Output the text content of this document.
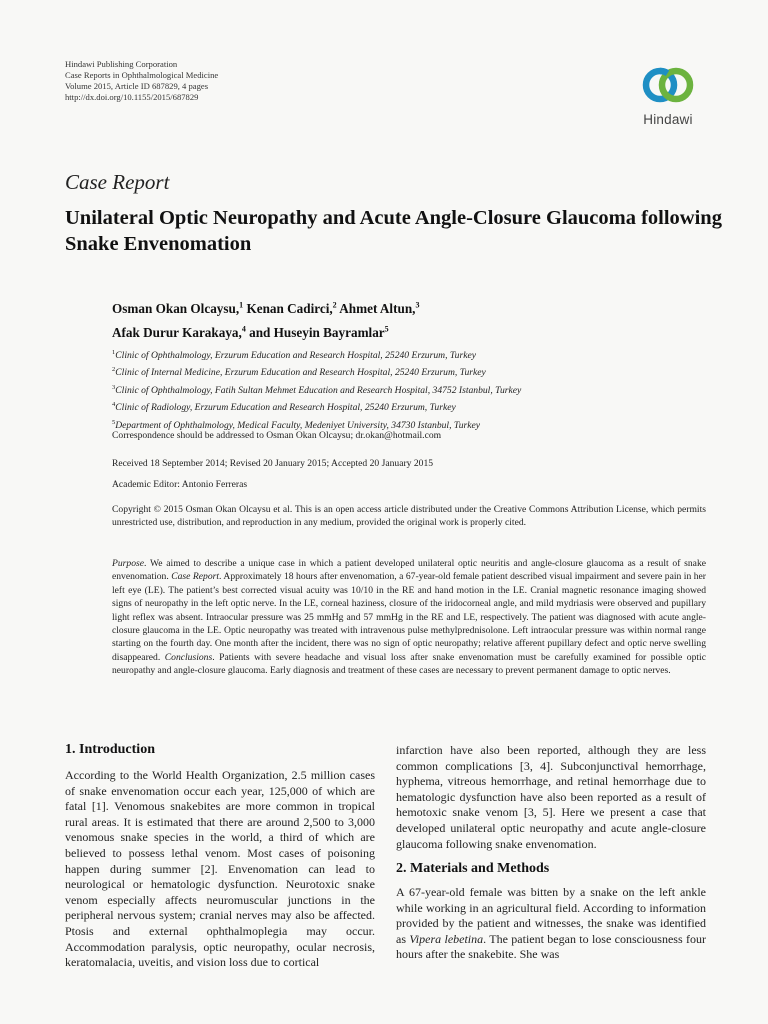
Hindawi Publishing Corporation
Case Reports in Ophthalmological Medicine
Volume 2015, Article ID 687829, 4 pages
http://dx.doi.org/10.1155/2015/687829
Hindawi
Case Report
Unilateral Optic Neuropathy and Acute Angle-Closure Glaucoma following Snake Envenomation
Osman Okan Olcaysu,$^1$ Kenan Cadirci,$^2$ Ahmet Altun,$^3$
Afak Durur Karakaya,$^4$ and Huseyin Bayramlar$^5$
$^1$Clinic of Ophthalmology, Erzurum Education and Research Hospital, 25240 Erzurum, Turkey
$^2$Clinic of Internal Medicine, Erzurum Education and Research Hospital, 25240 Erzurum, Turkey
$^3$Clinic of Ophthalmology, Fatih Sultan Mehmet Education and Research Hospital, 34752 Istanbul, Turkey
$^4$Clinic of Radiology, Erzurum Education and Research Hospital, 25240 Erzurum, Turkey
$^5$Department of Ophthalmology, Medical Faculty, Medeniyet University, 34730 Istanbul, Turkey
Correspondence should be addressed to Osman Okan Olcaysu; dr.okan@hotmail.com
Received 18 September 2014; Revised 20 January 2015; Accepted 20 January 2015
Academic Editor: Antonio Ferreras
Copyright © 2015 Osman Okan Olcaysu et al. This is an open access article distributed under the Creative Commons Attribution License, which permits unrestricted use, distribution, and reproduction in any medium, provided the original work is properly cited.
Purpose. We aimed to describe a unique case in which a patient developed unilateral optic neuritis and angle-closure glaucoma as a result of snake envenomation. Case Report. Approximately 18 hours after envenomation, a 67-year-old female patient described visual impairment and severe pain in her left eye (LE). The patient’s best corrected visual acuity was 10/10 in the RE and hand motion in the LE. Cranial magnetic resonance imaging showed signs of neuropathy in the left optic nerve. In the LE, corneal haziness, closure of the iridocorneal angle, and mild mydriasis were observed and pupillary light reflex was absent. Intraocular pressure was 25 mmHg and 57 mmHg in the RE and LE, respectively. The patient was diagnosed with acute angle-closure glaucoma in the LE. Optic neuropathy was treated with intravenous pulse methylprednisolone. Left intraocular pressure was within normal range starting on the fourth day. One month after the incident, there was no sign of optic neuropathy; relative afferent pupillary defect and optic nerve swelling disappeared. Conclusions. Patients with severe headache and visual loss after snake envenomation must be carefully examined for possible optic neuropathy and angle-closure glaucoma. Early diagnosis and treatment of these cases are necessary to prevent permanent damage to optic nerves.
1. Introduction

According to the World Health Organization, 2.5 million cases of snake envenomation occur each year, 125,000 of which are fatal [1]. Venomous snakebites are more common in tropical rural areas. It is estimated that there are around 2,500 to 3,000 venomous snake species in the world, a third of which are believed to possess lethal venom. Most cases of poisoning happen during summer [2]. Envenomation can lead to neurological or hematologic dysfunction. Neurotoxic snake venom especially affects neuromuscular junctions in the peripheral nervous system; cranial nerves may also be affected. Ptosis and external ophthalmoplegia may occur. Accommodation paralysis, optic neuropathy, ocular necrosis, keratomalacia, uveitis, and vision loss due to cortical

infarction have also been reported, although they are less common complications [3, 4]. Subconjunctival hemorrhage, hyphema, vitreous hemorrhage, and retinal hemorrhage due to hematologic dysfunction have also been reported as a result of hemotoxic snake venom [3, 5]. Here we present a case that developed unilateral optic neuropathy and acute angle-closure glaucoma following snake envenomation.

2. Materials and Methods

A 67-year-old female was bitten by a snake on the left ankle while working in an agricultural field. According to information provided by the patient and witnesses, the snake was identified as Vipera lebetina. The patient began to lose consciousness four hours after the snakebite. She was
